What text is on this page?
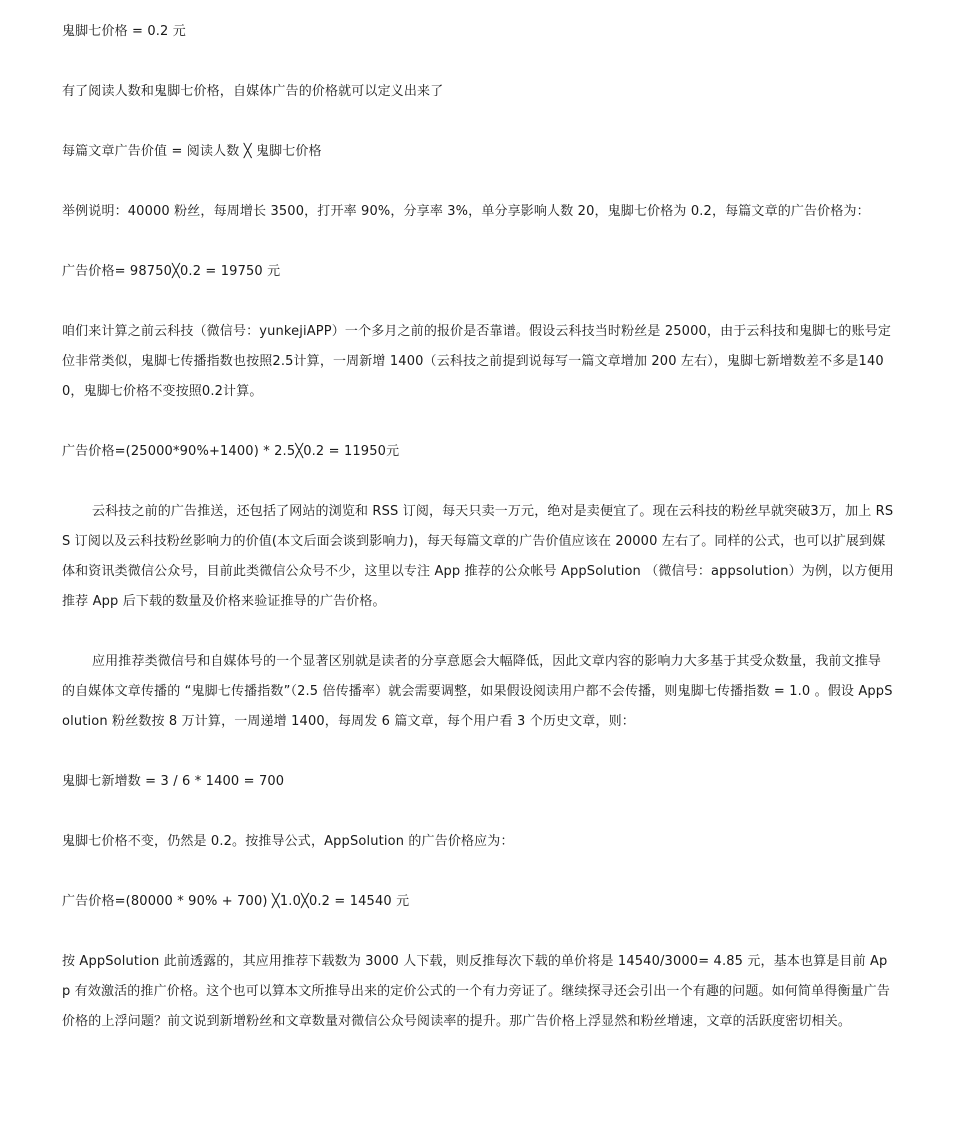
鬼脚七价格 = 0.2 元

有了阅读人数和鬼脚七价格，自媒体广告的价格就可以定义出来了

每篇文章广告价值 = 阅读人数 ╳ 鬼脚七价格

举例说明：40000 粉丝，每周增长 3500，打开率 90%，分享率 3%，单分享影响人数 20，鬼脚七价格为 0.2，每篇文章的广告价格为：

广告价格= 98750╳0.2 = 19750 元

咱们来计算之前云科技（微信号：yunkejiAPP）一个多月之前的报价是否靠谱。假设云科技当时粉丝是 25000，由于云科技和鬼脚七的账号定位非常类似，鬼脚七传播指数也按照2.5计算，一周新增 1400（云科技之前提到说每写一篇文章增加 200 左右），鬼脚七新增数差不多是1400，鬼脚七价格不变按照0.2计算。

广告价格=(25000*90%+1400) * 2.5╳0.2 = 11950元

云科技之前的广告推送，还包括了网站的浏览和 RSS 订阅，每天只卖一万元，绝对是卖便宜了。现在云科技的粉丝早就突破3万，加上 RSS 订阅以及云科技粉丝影响力的价值(本文后面会谈到影响力)，每天每篇文章的广告价值应该在 20000 左右了。同样的公式，也可以扩展到媒体和资讯类微信公众号，目前此类微信公众号不少，这里以专注 App 推荐的公众帐号 AppSolution （微信号：appsolution）为例，以方便用推荐 App 后下载的数量及价格来验证推导的广告价格。

应用推荐类微信号和自媒体号的一个显著区别就是读者的分享意愿会大幅降低，因此文章内容的影响力大多基于其受众数量，我前文推导的自媒体文章传播的 “鬼脚七传播指数”（2.5 倍传播率）就会需要调整，如果假设阅读用户都不会传播，则鬼脚七传播指数 = 1.0 。假设 AppSolution 粉丝数按 8 万计算，一周递增 1400，每周发 6 篇文章，每个用户看 3 个历史文章，则：

鬼脚七新增数 = 3 / 6 * 1400 = 700

鬼脚七价格不变，仍然是 0.2。按推导公式，AppSolution 的广告价格应为：

广告价格=(80000 * 90% + 700) ╳1.0╳0.2 = 14540 元

按 AppSolution 此前透露的，其应用推荐下载数为 3000 人下载，则反推每次下载的单价将是 14540/3000= 4.85 元，基本也算是目前 App 有效激活的推广价格。这个也可以算本文所推导出来的定价公式的一个有力旁证了。继续探寻还会引出一个有趣的问题。如何简单得衡量广告价格的上浮问题？前文说到新增粉丝和文章数量对微信公众号阅读率的提升。那广告价格上浮显然和粉丝增速，文章的活跃度密切相关。
